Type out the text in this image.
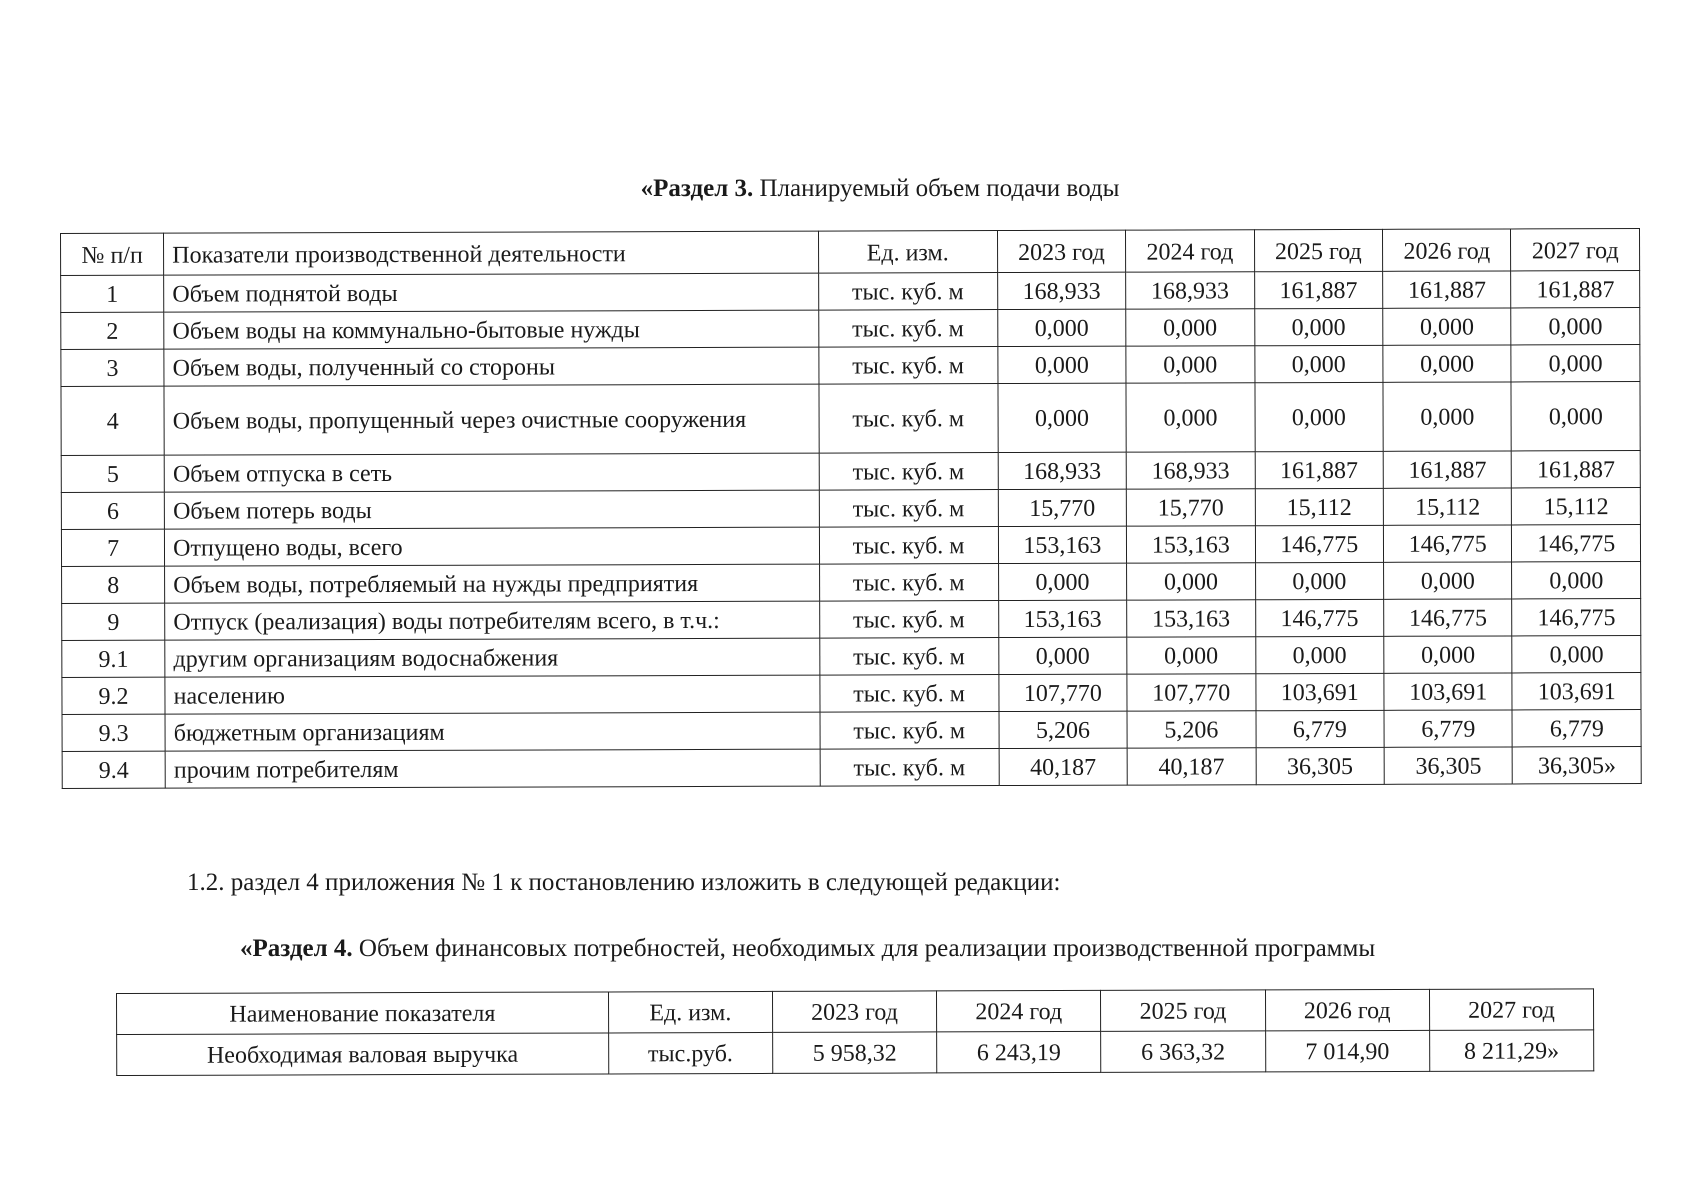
«Раздел 3. Планируемый объем подачи воды
№ п/п	Показатели производственной деятельности	Ед. изм.	2023 год	2024 год	2025 год	2026 год	2027 год
1	Объем поднятой воды	тыс. куб. м	168,933	168,933	161,887	161,887	161,887
2	Объем воды на коммунально-бытовые нужды	тыс. куб. м	0,000	0,000	0,000	0,000	0,000
3	Объем воды, полученный со стороны	тыс. куб. м	0,000	0,000	0,000	0,000	0,000
4	Объем воды, пропущенный через очистные сооружения	тыс. куб. м	0,000	0,000	0,000	0,000	0,000
5	Объем отпуска в сеть	тыс. куб. м	168,933	168,933	161,887	161,887	161,887
6	Объем потерь воды	тыс. куб. м	15,770	15,770	15,112	15,112	15,112
7	Отпущено воды, всего	тыс. куб. м	153,163	153,163	146,775	146,775	146,775
8	Объем воды, потребляемый на нужды предприятия	тыс. куб. м	0,000	0,000	0,000	0,000	0,000
9	Отпуск (реализация) воды потребителям всего, в т.ч.:	тыс. куб. м	153,163	153,163	146,775	146,775	146,775
9.1	другим организациям водоснабжения	тыс. куб. м	0,000	0,000	0,000	0,000	0,000
9.2	населению	тыс. куб. м	107,770	107,770	103,691	103,691	103,691
9.3	бюджетным организациям	тыс. куб. м	5,206	5,206	6,779	6,779	6,779
9.4	прочим потребителям	тыс. куб. м	40,187	40,187	36,305	36,305	36,305»
1.2. раздел 4 приложения № 1 к постановлению изложить в следующей редакции:
«Раздел 4. Объем финансовых потребностей, необходимых для реализации производственной программы
Наименование показателя	Ед. изм.	2023 год	2024 год	2025 год	2026 год	2027 год
Необходимая валовая выручка	тыс.руб.	5 958,32	6 243,19	6 363,32	7 014,90	8 211,29»
